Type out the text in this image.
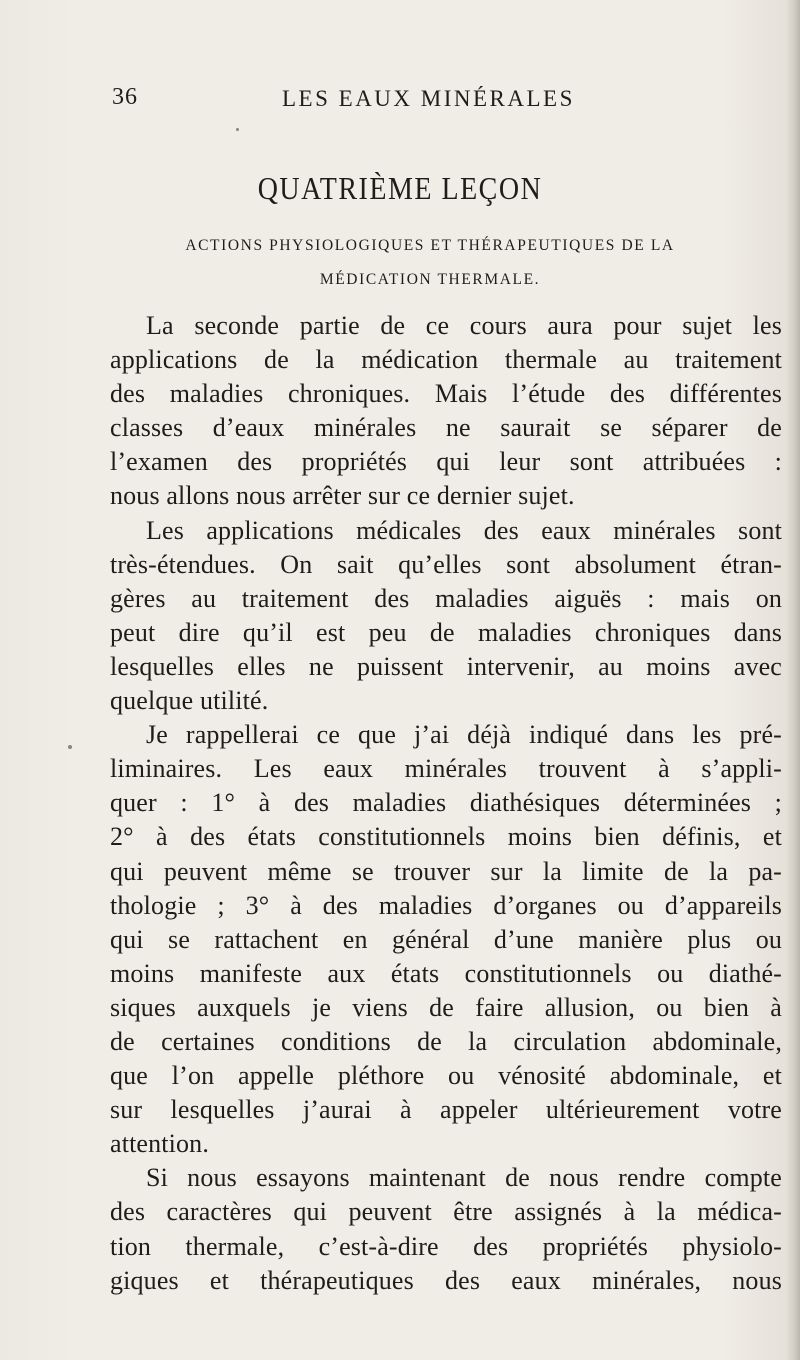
36	LES EAUX MINÉRALES
QUATRIÈME LEÇON
ACTIONS PHYSIOLOGIQUES ET THÉRAPEUTIQUES DE LA
MÉDICATION THERMALE.
La seconde partie de ce cours aura pour sujet les
applications de la médication thermale au traitement
des maladies chroniques. Mais l’étude des différentes
classes d’eaux minérales ne saurait se séparer de
l’examen des propriétés qui leur sont attribuées :
nous allons nous arrêter sur ce dernier sujet.
Les applications médicales des eaux minérales sont
très-étendues. On sait qu’elles sont absolument étran-
gères au traitement des maladies aiguës : mais on
peut dire qu’il est peu de maladies chroniques dans
lesquelles elles ne puissent intervenir, au moins avec
quelque utilité.
Je rappellerai ce que j’ai déjà indiqué dans les pré-
liminaires. Les eaux minérales trouvent à s’appli-
quer : 1° à des maladies diathésiques déterminées ;
2° à des états constitutionnels moins bien définis, et
qui peuvent même se trouver sur la limite de la pa-
thologie ; 3° à des maladies d’organes ou d’appareils
qui se rattachent en général d’une manière plus ou
moins manifeste aux états constitutionnels ou diathé-
siques auxquels je viens de faire allusion, ou bien à
de certaines conditions de la circulation abdominale,
que l’on appelle pléthore ou vénosité abdominale, et
sur lesquelles j’aurai à appeler ultérieurement votre
attention.
Si nous essayons maintenant de nous rendre compte
des caractères qui peuvent être assignés à la médica-
tion thermale, c’est-à-dire des propriétés physiolo-
giques et thérapeutiques des eaux minérales, nous
